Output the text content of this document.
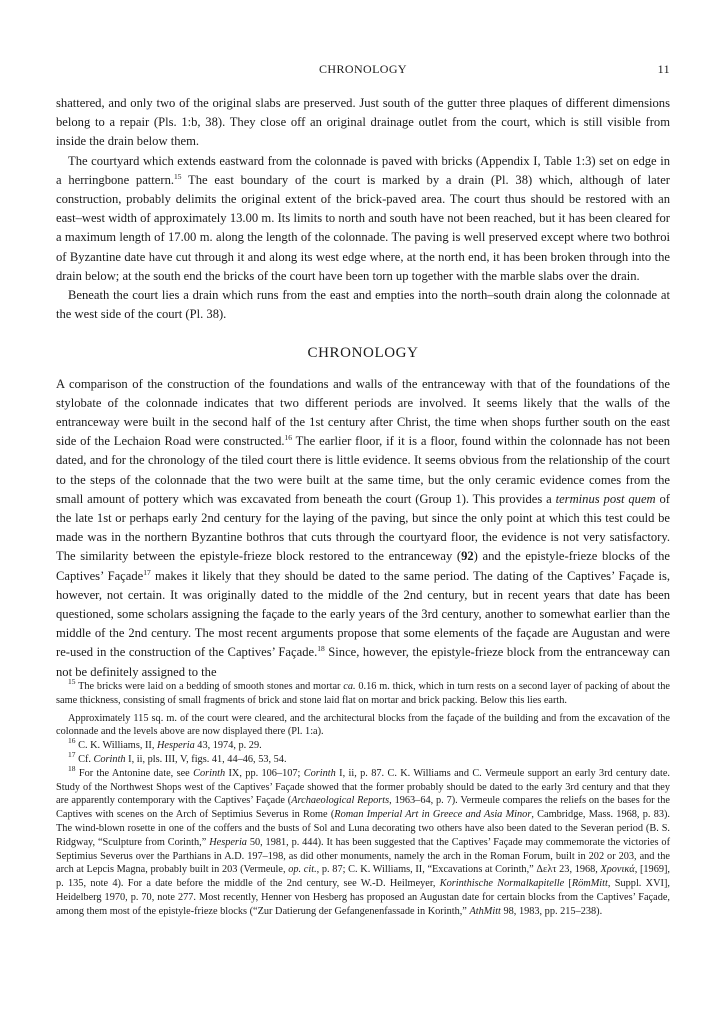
CHRONOLOGY	11

shattered, and only two of the original slabs are preserved. Just south of the gutter three plaques of different dimensions belong to a repair (Pls. 1:b, 38). They close off an original drainage outlet from the court, which is still visible from inside the drain below them.

The courtyard which extends eastward from the colonnade is paved with bricks (Appendix I, Table 1:3) set on edge in a herringbone pattern.$^{15}$ The east boundary of the court is marked by a drain (Pl. 38) which, although of later construction, probably delimits the original extent of the brick-paved area. The court thus should be restored with an east–west width of approximately 13.00 m. Its limits to north and south have not been reached, but it has been cleared for a maximum length of 17.00 m. along the length of the colonnade. The paving is well preserved except where two bothroi of Byzantine date have cut through it and along its west edge where, at the north end, it has been broken through into the drain below; at the south end the bricks of the court have been torn up together with the marble slabs over the drain.

Beneath the court lies a drain which runs from the east and empties into the north–south drain along the colonnade at the west side of the court (Pl. 38).

CHRONOLOGY

A comparison of the construction of the foundations and walls of the entranceway with that of the foundations of the stylobate of the colonnade indicates that two different periods are involved. It seems likely that the walls of the entranceway were built in the second half of the 1st century after Christ, the time when shops further south on the east side of the Lechaion Road were constructed.$^{16}$ The earlier floor, if it is a floor, found within the colonnade has not been dated, and for the chronology of the tiled court there is little evidence. It seems obvious from the relationship of the court to the steps of the colonnade that the two were built at the same time, but the only ceramic evidence comes from the small amount of pottery which was excavated from beneath the court (Group 1). This provides a terminus post quem of the late 1st or perhaps early 2nd century for the laying of the paving, but since the only point at which this test could be made was in the northern Byzantine bothros that cuts through the courtyard floor, the evidence is not very satisfactory. The similarity between the epistyle-frieze block restored to the entranceway (92) and the epistyle-frieze blocks of the Captives’ Façade$^{17}$ makes it likely that they should be dated to the same period. The dating of the Captives’ Façade is, however, not certain. It was originally dated to the middle of the 2nd century, but in recent years that date has been questioned, some scholars assigning the façade to the early years of the 3rd century, another to somewhat earlier than the middle of the 2nd century. The most recent arguments propose that some elements of the façade are Augustan and were re-used in the construction of the Captives’ Façade.$^{18}$ Since, however, the epistyle-frieze block from the entranceway can not be definitely assigned to the

$^{15}$ The bricks were laid on a bedding of smooth stones and mortar ca. 0.16 m. thick, which in turn rests on a second layer of packing of about the same thickness, consisting of small fragments of brick and stone laid flat on mortar and brick packing. Below this lies earth.

Approximately 115 sq. m. of the court were cleared, and the architectural blocks from the façade of the building and from the excavation of the colonnade and the levels above are now displayed there (Pl. 1:a).

$^{16}$ C. K. Williams, II, Hesperia 43, 1974, p. 29.

$^{17}$ Cf. Corinth I, ii, pls. III, V, figs. 41, 44–46, 53, 54.

$^{18}$ For the Antonine date, see Corinth IX, pp. 106–107; Corinth I, ii, p. 87. C. K. Williams and C. Vermeule support an early 3rd century date. Study of the Northwest Shops west of the Captives’ Façade showed that the former probably should be dated to the early 3rd century and that they are apparently contemporary with the Captives’ Façade (Archaeological Reports, 1963–64, p. 7). Vermeule compares the reliefs on the bases for the Captives with scenes on the Arch of Septimius Severus in Rome (Roman Imperial Art in Greece and Asia Minor, Cambridge, Mass. 1968, p. 83). The wind-blown rosette in one of the coffers and the busts of Sol and Luna decorating two others have also been dated to the Severan period (B. S. Ridgway, “Sculpture from Corinth,” Hesperia 50, 1981, p. 444). It has been suggested that the Captives’ Façade may commemorate the victories of Septimius Severus over the Parthians in A.D. 197–198, as did other monuments, namely the arch in the Roman Forum, built in 202 or 203, and the arch at Lepcis Magna, probably built in 203 (Vermeule, op. cit., p. 87; C. K. Williams, II, “Excavations at Corinth,” Δελτ 23, 1968, Χρονικά, [1969], p. 135, note 4). For a date before the middle of the 2nd century, see W.-D. Heilmeyer, Korinthische Normalkapitelle [RömMitt, Suppl. XVI], Heidelberg 1970, p. 70, note 277. Most recently, Henner von Hesberg has proposed an Augustan date for certain blocks from the Captives’ Façade, among them most of the epistyle-frieze blocks (“Zur Datierung der Gefangenenfassade in Korinth,” AthMitt 98, 1983, pp. 215–238).
